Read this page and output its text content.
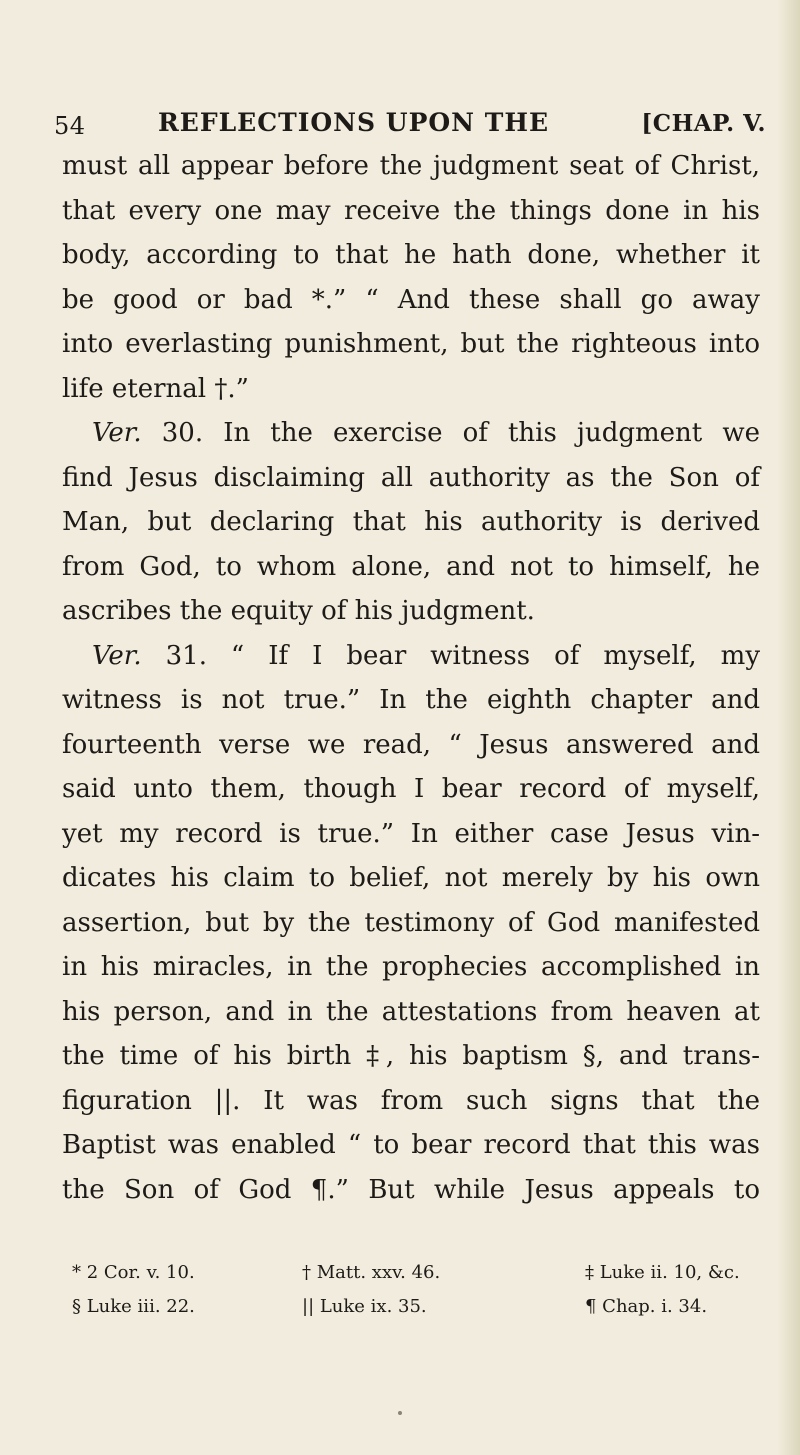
54	REFLECTIONS UPON THE	[CHAP. V.
must all appear before the judgment seat of Christ,
that every one may receive the things done in his
body, according to that he hath done, whether it
be good or bad *.” “ And these shall go away
into everlasting punishment, but the righteous into
life eternal †.”
Ver. 30. In the exercise of this judgment we
find Jesus disclaiming all authority as the Son of
Man, but declaring that his authority is derived
from God, to whom alone, and not to himself, he
ascribes the equity of his judgment.
Ver. 31. “ If I bear witness of myself, my
witness is not true.” In the eighth chapter and
fourteenth verse we read, “ Jesus answered and
said unto them, though I bear record of myself,
yet my record is true.” In either case Jesus vin-
dicates his claim to belief, not merely by his own
assertion, but by the testimony of God manifested
in his miracles, in the prophecies accomplished in
his person, and in the attestations from heaven at
the time of his birth ‡, his baptism §, and trans-
figuration ||. It was from such signs that the
Baptist was enabled “ to bear record that this was
the Son of God ¶.” But while Jesus appeals to
* 2 Cor. v. 10.	† Matt. xxv. 46.	‡ Luke ii. 10, &c.
§ Luke iii. 22.	|| Luke ix. 35.	¶ Chap. i. 34.
